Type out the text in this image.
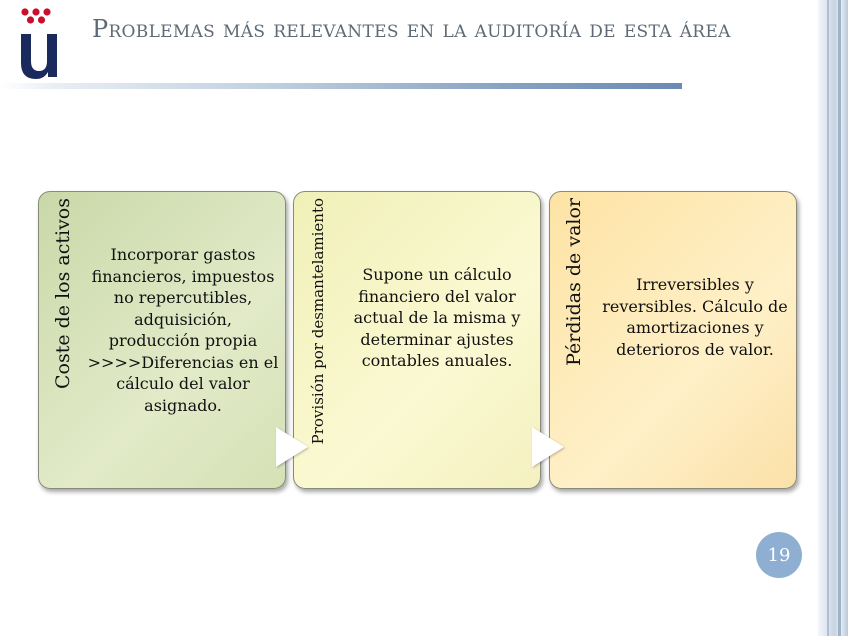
Problemas más relevantes en la auditoría de esta área
Coste de los activos	Incorporar gastos financieros, impuestos no repercutibles, adquisición, producción propia >>>>Diferencias en el cálculo del valor asignado.	Provisión por desmantelamiento	Supone un cálculo financiero del valor actual de la misma y determinar ajustes contables anuales.	Pérdidas de valor	Irreversibles y reversibles. Cálculo de amortizaciones y deterioros de valor.
19
